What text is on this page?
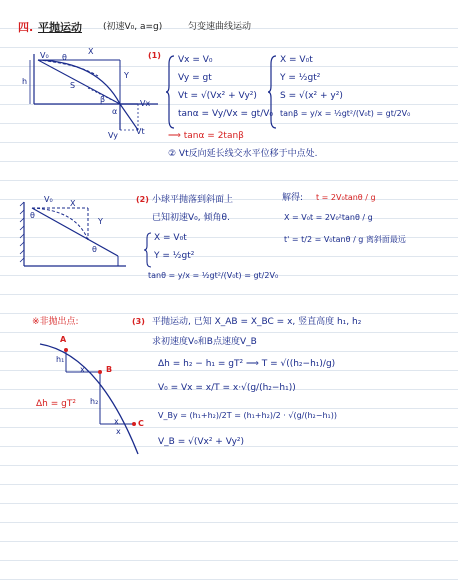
四. 平抛运动 (初速V₀, a=g)	匀变速曲线运动
V₀ θ
X
Y
h	S
α
β	Vx
Vy Vt
(1) Vx = V₀
Vy = gt
Vt = √(Vx² + Vy²)
tanα = Vy/Vx = gt/V₀
X = V₀t
Y = ½gt²
S = √(x² + y²)
tanβ = y/x = ½gt²/(V₀t) = gt/2V₀
⟹ tanα = 2tanβ
② Vt反向延长线交水平位移于中点处.
V₀
θ
X
Y
θ
(2) 小球平抛落到斜面上
已知初速V₀, 倾角θ.
X = V₀t
Y = ½gt²
tanθ = y/x = ½gt²/(V₀t) = gt/2V₀
解得: t = 2V₀tanθ / g
X = V₀t = 2V₀²tanθ / g
t' = t/2 = V₀tanθ / g 离斜面最远
※非抛出点:	(3) 平抛运动, 已知 X_AB = X_BC = x, 竖直高度 h₁, h₂
求初速度V₀和B点速度V_B
A
B
C
h₁
h₂
x
x
x
Δh = gT²
Δh = h₂ − h₁ = gT² ⟹ T = √((h₂−h₁)/g)
V₀ = Vx = x/T = x·√(g/(h₂−h₁))
V_By = (h₁+h₂)/2T = (h₁+h₂)/2 · √(g/(h₂−h₁))
V_B = √(Vx² + Vy²)
